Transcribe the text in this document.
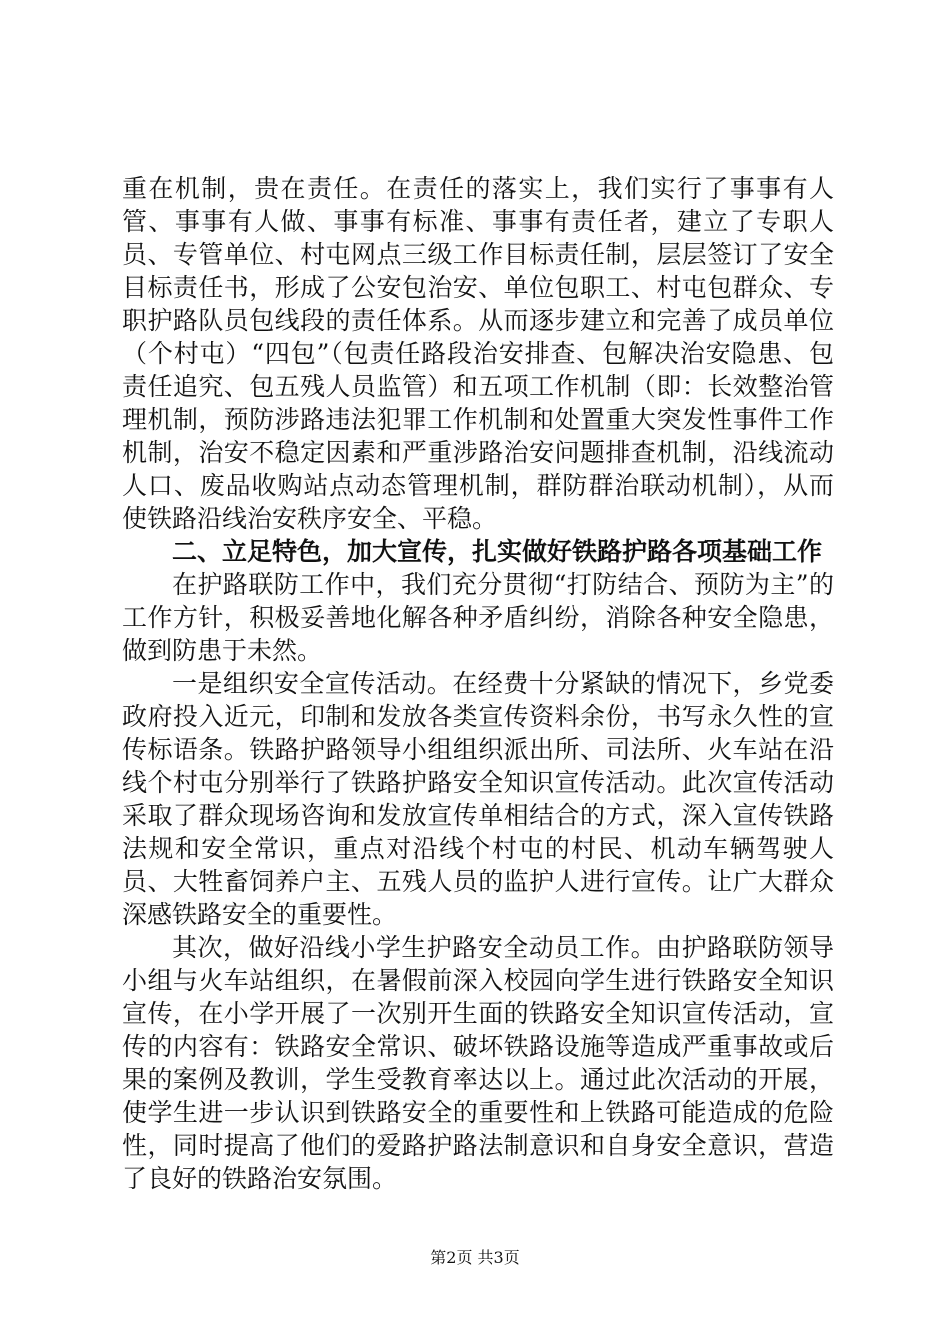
重在机制，贵在责任。在责任的落实上，我们实行了事事有人管、事事有人做、事事有标准、事事有责任者，建立了专职人员、专管单位、村屯网点三级工作目标责任制，层层签订了安全目标责任书，形成了公安包治安、单位包职工、村屯包群众、专职护路队员包线段的责任体系。从而逐步建立和完善了成员单位（个村屯）“四包”（包责任路段治安排查、包解决治安隐患、包责任追究、包五残人员监管）和五项工作机制（即：长效整治管理机制，预防涉路违法犯罪工作机制和处置重大突发性事件工作机制，治安不稳定因素和严重涉路治安问题排查机制，沿线流动人口、废品收购站点动态管理机制，群防群治联动机制），从而使铁路沿线治安秩序安全、平稳。

二、立足特色，加大宣传，扎实做好铁路护路各项基础工作

在护路联防工作中，我们充分贯彻“打防结合、预防为主”的工作方针，积极妥善地化解各种矛盾纠纷，消除各种安全隐患，做到防患于未然。

一是组织安全宣传活动。在经费十分紧缺的情况下，乡党委政府投入近元，印制和发放各类宣传资料余份，书写永久性的宣传标语条。铁路护路领导小组组织派出所、司法所、火车站在沿线个村屯分别举行了铁路护路安全知识宣传活动。此次宣传活动采取了群众现场咨询和发放宣传单相结合的方式，深入宣传铁路法规和安全常识，重点对沿线个村屯的村民、机动车辆驾驶人员、大牲畜饲养户主、五残人员的监护人进行宣传。让广大群众深感铁路安全的重要性。

其次，做好沿线小学生护路安全动员工作。由护路联防领导小组与火车站组织，在暑假前深入校园向学生进行铁路安全知识宣传，在小学开展了一次别开生面的铁路安全知识宣传活动，宣传的内容有：铁路安全常识、破坏铁路设施等造成严重事故或后果的案例及教训，学生受教育率达以上。通过此次活动的开展，使学生进一步认识到铁路安全的重要性和上铁路可能造成的危险性，同时提高了他们的爱路护路法制意识和自身安全意识，营造了良好的铁路治安氛围。

第2页 共3页
